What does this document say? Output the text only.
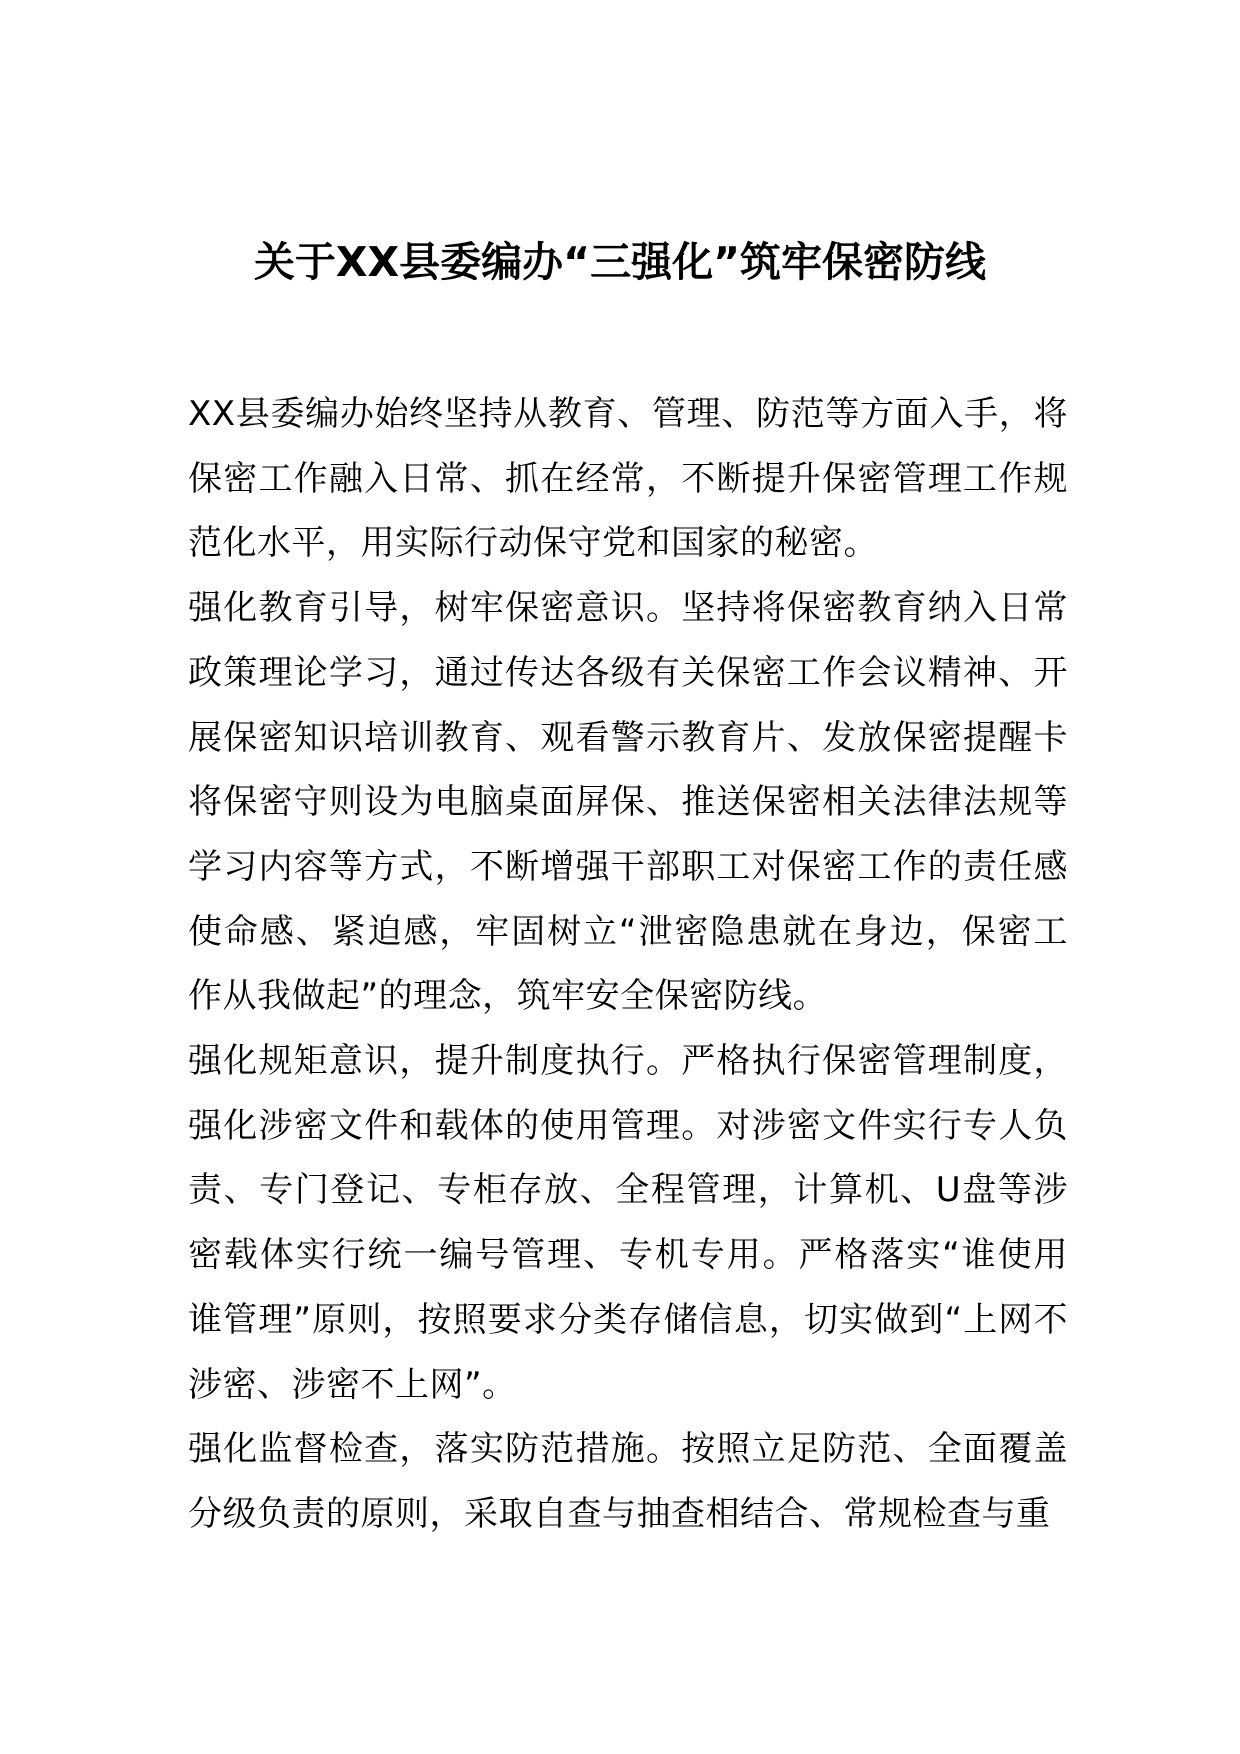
关于XX县委编办“三强化”筑牢保密防线

XX县委编办始终坚持从教育、管理、防范等方面入手，将保密工作融入日常、抓在经常，不断提升保密管理工作规范化水平，用实际行动保守党和国家的秘密。

强化教育引导，树牢保密意识。坚持将保密教育纳入日常政策理论学习，通过传达各级有关保密工作会议精神、开展保密知识培训教育、观看警示教育片、发放保密提醒卡将保密守则设为电脑桌面屏保、推送保密相关法律法规等学习内容等方式，不断增强干部职工对保密工作的责任感使命感、紧迫感，牢固树立“泄密隐患就在身边，保密工作从我做起”的理念，筑牢安全保密防线。

强化规矩意识，提升制度执行。严格执行保密管理制度，强化涉密文件和载体的使用管理。对涉密文件实行专人负责、专门登记、专柜存放、全程管理，计算机、U盘等涉密载体实行统一编号管理、专机专用。严格落实“谁使用谁管理”原则，按照要求分类存储信息，切实做到“上网不涉密、涉密不上网”。

强化监督检查，落实防范措施。按照立足防范、全面覆盖分级负责的原则，采取自查与抽查相结合、常规检查与重
